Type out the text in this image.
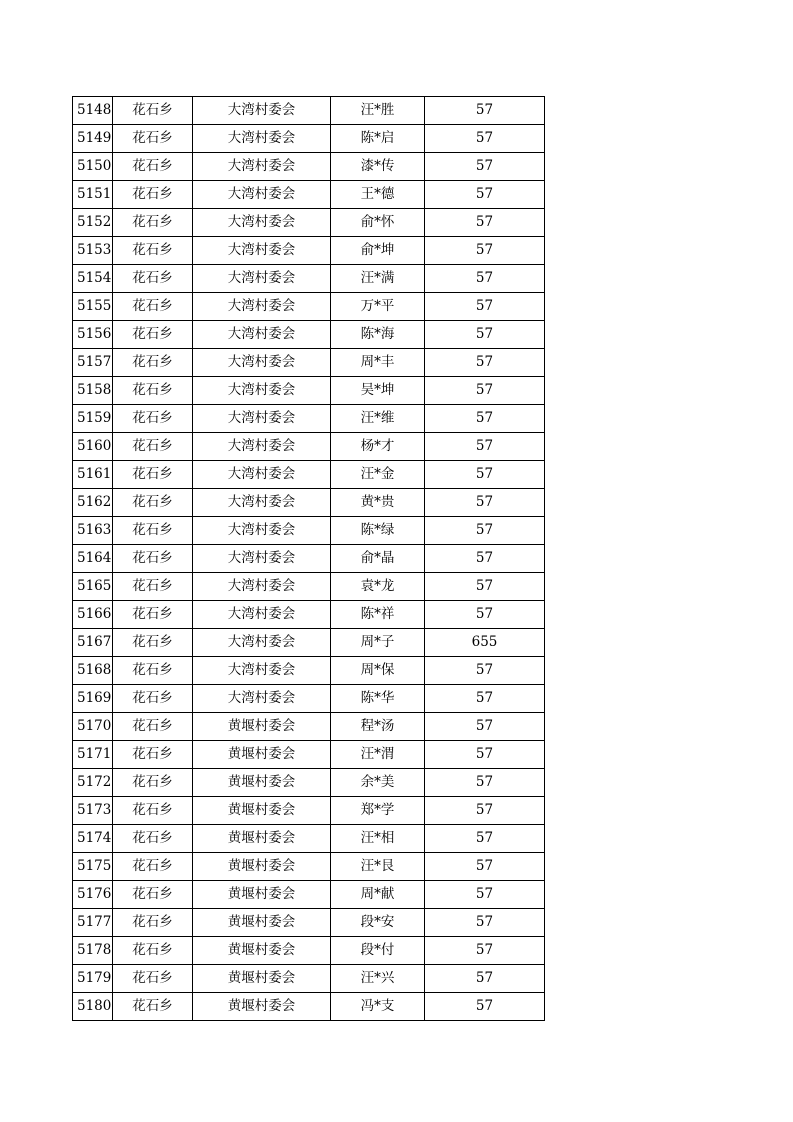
5148	花石乡	大湾村委会	汪*胜	57
5149	花石乡	大湾村委会	陈*启	57
5150	花石乡	大湾村委会	漆*传	57
5151	花石乡	大湾村委会	王*德	57
5152	花石乡	大湾村委会	俞*怀	57
5153	花石乡	大湾村委会	俞*坤	57
5154	花石乡	大湾村委会	汪*满	57
5155	花石乡	大湾村委会	万*平	57
5156	花石乡	大湾村委会	陈*海	57
5157	花石乡	大湾村委会	周*丰	57
5158	花石乡	大湾村委会	吴*坤	57
5159	花石乡	大湾村委会	汪*维	57
5160	花石乡	大湾村委会	杨*才	57
5161	花石乡	大湾村委会	汪*金	57
5162	花石乡	大湾村委会	黄*贵	57
5163	花石乡	大湾村委会	陈*绿	57
5164	花石乡	大湾村委会	俞*晶	57
5165	花石乡	大湾村委会	袁*龙	57
5166	花石乡	大湾村委会	陈*祥	57
5167	花石乡	大湾村委会	周*子	655
5168	花石乡	大湾村委会	周*保	57
5169	花石乡	大湾村委会	陈*华	57
5170	花石乡	黄堰村委会	程*汤	57
5171	花石乡	黄堰村委会	汪*渭	57
5172	花石乡	黄堰村委会	余*美	57
5173	花石乡	黄堰村委会	郑*学	57
5174	花石乡	黄堰村委会	汪*相	57
5175	花石乡	黄堰村委会	汪*艮	57
5176	花石乡	黄堰村委会	周*献	57
5177	花石乡	黄堰村委会	段*安	57
5178	花石乡	黄堰村委会	段*付	57
5179	花石乡	黄堰村委会	汪*兴	57
5180	花石乡	黄堰村委会	冯*支	57
